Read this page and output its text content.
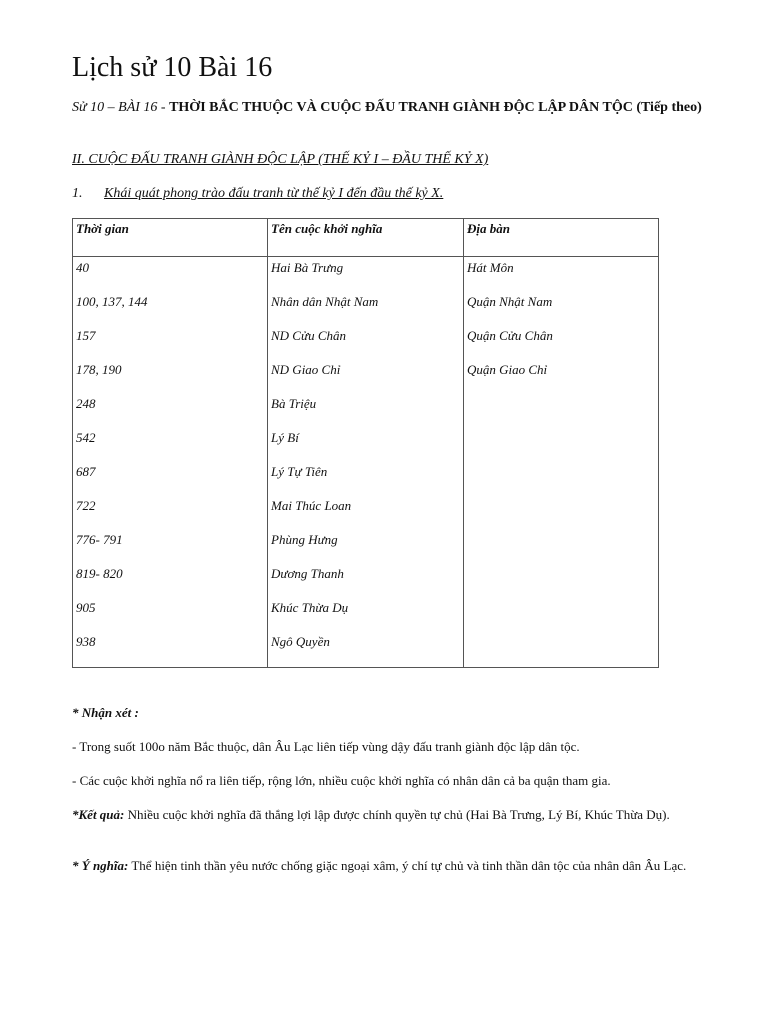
Lịch sử 10 Bài 16
Sử 10 – BÀI 16 - THỜI BẮC THUỘC VÀ CUỘC ĐẤU TRANH GIÀNH ĐỘC LẬP DÂN TỘC (Tiếp theo)
II. CUỘC ĐẤU TRANH GIÀNH ĐỘC LẬP (THẾ KỶ I – ĐẦU THẾ KỶ X)
1. Khái quát phong trào đấu tranh từ thế kỷ I đến đầu thế kỷ X.
Thời gian	Tên cuộc khởi nghĩa	Địa bàn
40	Hai Bà Trưng	Hát Môn
100, 137, 144	Nhân dân Nhật Nam	Quận Nhật Nam
157	ND Cửu Chân	Quận Cửu Chân
178, 190	ND Giao Chỉ	Quận Giao Chỉ
248	Bà Triệu
542	Lý Bí
687	Lý Tự Tiên
722	Mai Thúc Loan
776- 791	Phùng Hưng
819- 820	Dương Thanh
905	Khúc Thừa Dụ
938	Ngô Quyền
* Nhận xét :
- Trong suốt 100o năm Bắc thuộc, dân Âu Lạc liên tiếp vùng dậy đấu tranh giành độc lập dân tộc.
- Các cuộc khởi nghĩa nổ ra liên tiếp, rộng lớn, nhiều cuộc khởi nghĩa có nhân dân cả ba quận tham gia.
*Kết quả: Nhiều cuộc khởi nghĩa đã thắng lợi lập được chính quyền tự chủ (Hai Bà Trưng, Lý Bí, Khúc Thừa Dụ).
* Ý nghĩa: Thể hiện tinh thần yêu nước chống giặc ngoại xâm, ý chí tự chủ và tinh thần dân tộc của nhân dân Âu Lạc.
